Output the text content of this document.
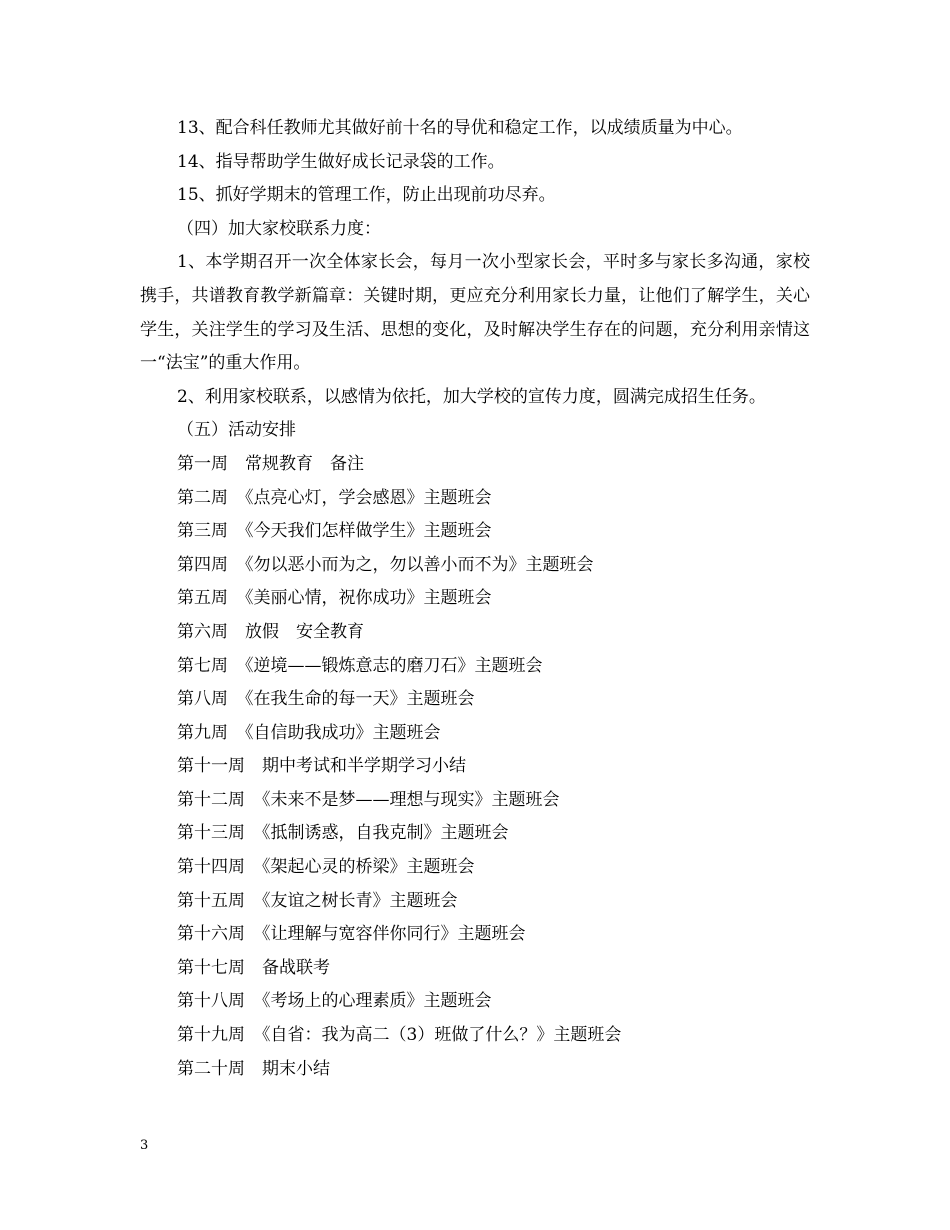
13、配合科任教师尤其做好前十名的导优和稳定工作，以成绩质量为中心。

14、指导帮助学生做好成长记录袋的工作。

15、抓好学期末的管理工作，防止出现前功尽弃。

（四）加大家校联系力度：

1、本学期召开一次全体家长会，每月一次小型家长会，平时多与家长多沟通，家校携手，共谱教育教学新篇章：关键时期，更应充分利用家长力量，让他们了解学生，关心学生，关注学生的学习及生活、思想的变化，及时解决学生存在的问题，充分利用亲情这一“法宝”的重大作用。

2、利用家校联系，以感情为依托，加大学校的宣传力度，圆满完成招生任务。

（五）活动安排

第一周　常规教育　备注

第二周　《点亮心灯，学会感恩》主题班会

第三周　《今天我们怎样做学生》主题班会

第四周　《勿以恶小而为之，勿以善小而不为》主题班会

第五周　《美丽心情，祝你成功》主题班会

第六周　放假　安全教育

第七周　《逆境——锻炼意志的磨刀石》主题班会

第八周　《在我生命的每一天》主题班会

第九周　《自信助我成功》主题班会

第十一周　期中考试和半学期学习小结

第十二周　《未来不是梦——理想与现实》主题班会

第十三周　《抵制诱惑，自我克制》主题班会

第十四周　《架起心灵的桥梁》主题班会

第十五周　《友谊之树长青》主题班会

第十六周　《让理解与宽容伴你同行》主题班会

第十七周　备战联考

第十八周　《考场上的心理素质》主题班会

第十九周　《自省：我为高二（3）班做了什么？》主题班会

第二十周　期末小结

3
